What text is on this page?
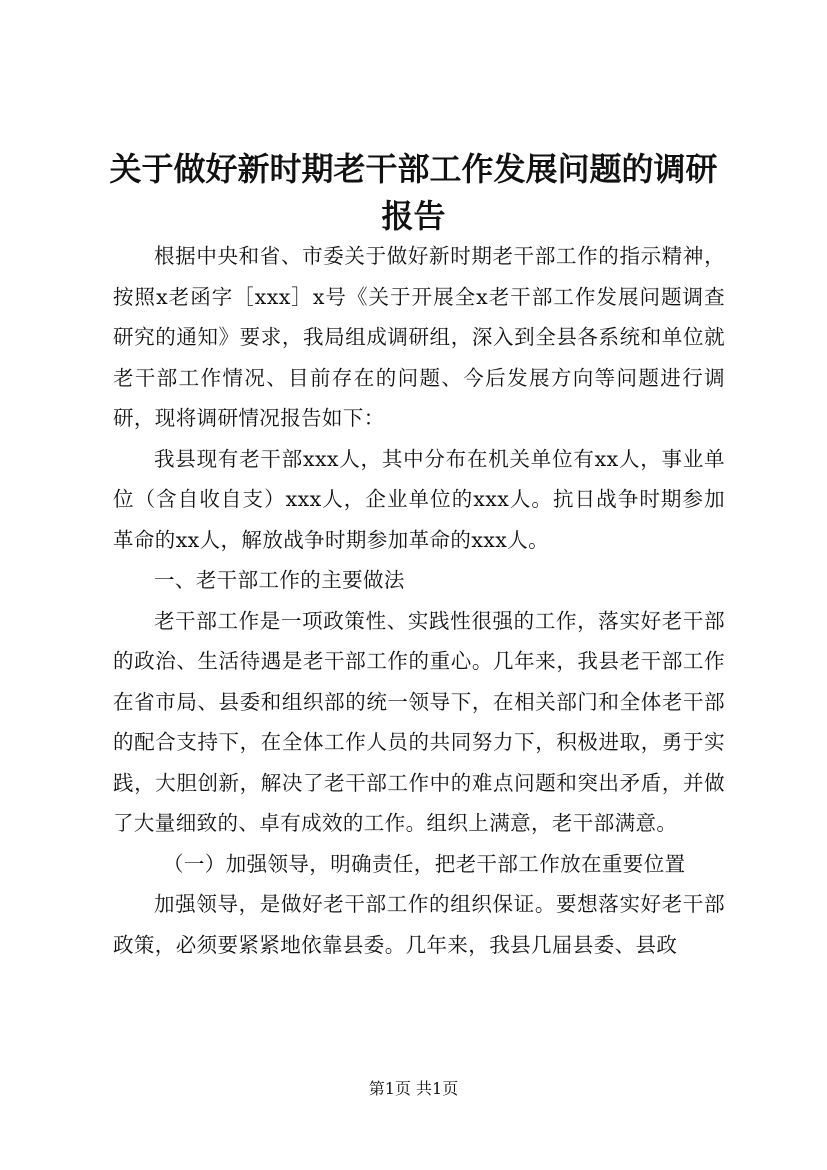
关于做好新时期老干部工作发展问题的调研报告

根据中央和省、市委关于做好新时期老干部工作的指示精神，按照x老函字［xxx］x号《关于开展全x老干部工作发展问题调查研究的通知》要求，我局组成调研组，深入到全县各系统和单位就老干部工作情况、目前存在的问题、今后发展方向等问题进行调研，现将调研情况报告如下：

我县现有老干部xxx人，其中分布在机关单位有xx人，事业单位（含自收自支）xxx人，企业单位的xxx人。抗日战争时期参加革命的xx人，解放战争时期参加革命的xxx人。

一、老干部工作的主要做法

老干部工作是一项政策性、实践性很强的工作，落实好老干部的政治、生活待遇是老干部工作的重心。几年来，我县老干部工作在省市局、县委和组织部的统一领导下，在相关部门和全体老干部的配合支持下，在全体工作人员的共同努力下，积极进取，勇于实践，大胆创新，解决了老干部工作中的难点问题和突出矛盾，并做了大量细致的、卓有成效的工作。组织上满意，老干部满意。

（一）加强领导，明确责任，把老干部工作放在重要位置

加强领导，是做好老干部工作的组织保证。要想落实好老干部政策，必须要紧紧地依靠县委。几年来，我县几届县委、县政

第1页 共1页
